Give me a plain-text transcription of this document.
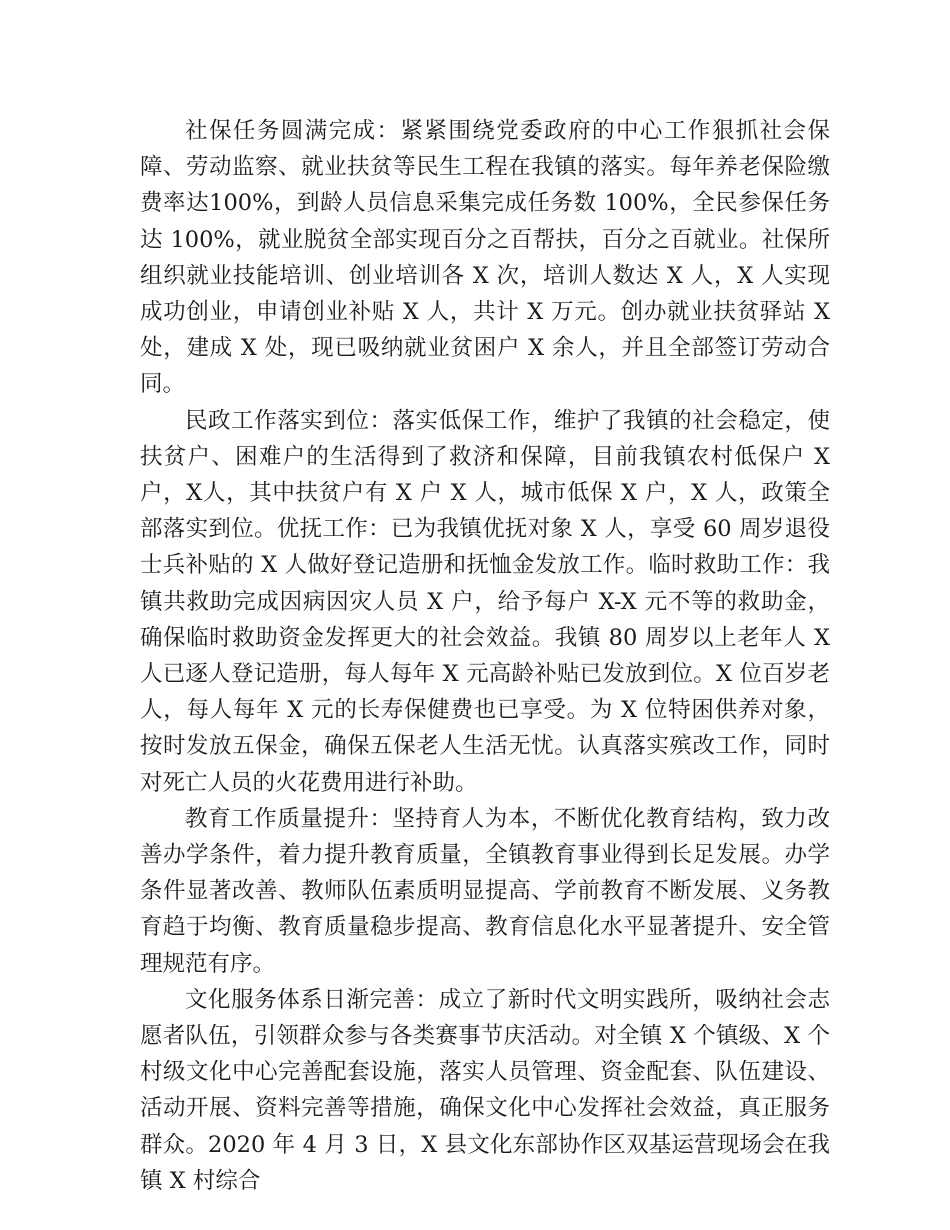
社保任务圆满完成：紧紧围绕党委政府的中心工作狠抓社会保障、劳动监察、就业扶贫等民生工程在我镇的落实。每年养老保险缴费率达100%，到龄人员信息采集完成任务数 100%，全民参保任务达 100%，就业脱贫全部实现百分之百帮扶，百分之百就业。社保所组织就业技能培训、创业培训各 X 次，培训人数达 X 人，X 人实现成功创业，申请创业补贴 X 人，共计 X 万元。创办就业扶贫驿站 X 处，建成 X 处，现已吸纳就业贫困户 X 余人，并且全部签订劳动合同。

民政工作落实到位：落实低保工作，维护了我镇的社会稳定，使扶贫户、困难户的生活得到了救济和保障，目前我镇农村低保户 X 户，X人，其中扶贫户有 X 户 X 人，城市低保 X 户，X 人，政策全部落实到位。优抚工作：已为我镇优抚对象 X 人，享受 60 周岁退役士兵补贴的 X 人做好登记造册和抚恤金发放工作。临时救助工作：我镇共救助完成因病因灾人员 X 户，给予每户 X-X 元不等的救助金，确保临时救助资金发挥更大的社会效益。我镇 80 周岁以上老年人 X 人已逐人登记造册，每人每年 X 元高龄补贴已发放到位。X 位百岁老人，每人每年 X 元的长寿保健费也已享受。为 X 位特困供养对象，按时发放五保金，确保五保老人生活无忧。认真落实殡改工作，同时对死亡人员的火花费用进行补助。

教育工作质量提升：坚持育人为本，不断优化教育结构，致力改善办学条件，着力提升教育质量，全镇教育事业得到长足发展。办学条件显著改善、教师队伍素质明显提高、学前教育不断发展、义务教育趋于均衡、教育质量稳步提高、教育信息化水平显著提升、安全管理规范有序。

文化服务体系日渐完善：成立了新时代文明实践所，吸纳社会志愿者队伍，引领群众参与各类赛事节庆活动。对全镇 X 个镇级、X 个村级文化中心完善配套设施，落实人员管理、资金配套、队伍建设、活动开展、资料完善等措施，确保文化中心发挥社会效益，真正服务群众。2020 年 4 月 3 日，X 县文化东部协作区双基运营现场会在我镇 X 村综合
